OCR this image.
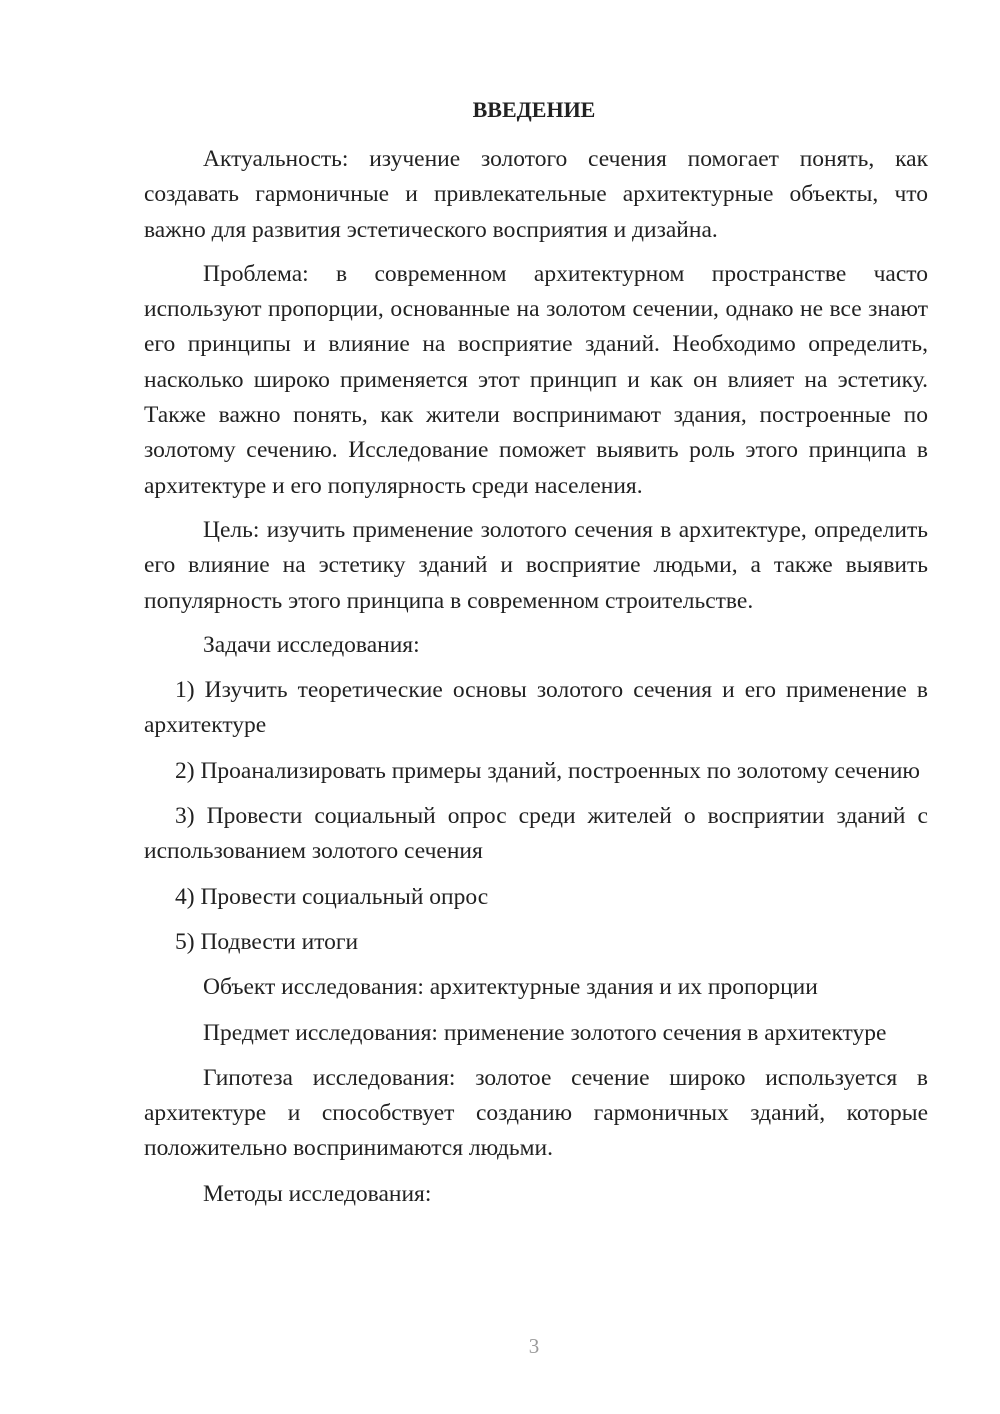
ВВЕДЕНИЕ

Актуальность: изучение золотого сечения помогает понять, как создавать гармоничные и привлекательные архитектурные объекты, что важно для развития эстетического восприятия и дизайна.

Проблема: в современном архитектурном пространстве часто используют пропорции, основанные на золотом сечении, однако не все знают его принципы и влияние на восприятие зданий. Необходимо определить, насколько широко применяется этот принцип и как он влияет на эстетику. Также важно понять, как жители воспринимают здания, построенные по золотому сечению. Исследование поможет выявить роль этого принципа в архитектуре и его популярность среди населения.

Цель: изучить применение золотого сечения в архитектуре, определить его влияние на эстетику зданий и восприятие людьми, а также выявить популярность этого принципа в современном строительстве.

Задачи исследования:

1) Изучить теоретические основы золотого сечения и его применение в архитектуре

2) Проанализировать примеры зданий, построенных по золотому сечению

3) Провести социальный опрос среди жителей о восприятии зданий с использованием золотого сечения

4) Провести социальный опрос

5) Подвести итоги

Объект исследования: архитектурные здания и их пропорции

Предмет исследования: применение золотого сечения в архитектуре

Гипотеза исследования: золотое сечение широко используется в архитектуре и способствует созданию гармоничных зданий, которые положительно воспринимаются людьми.

Методы исследования:

3
